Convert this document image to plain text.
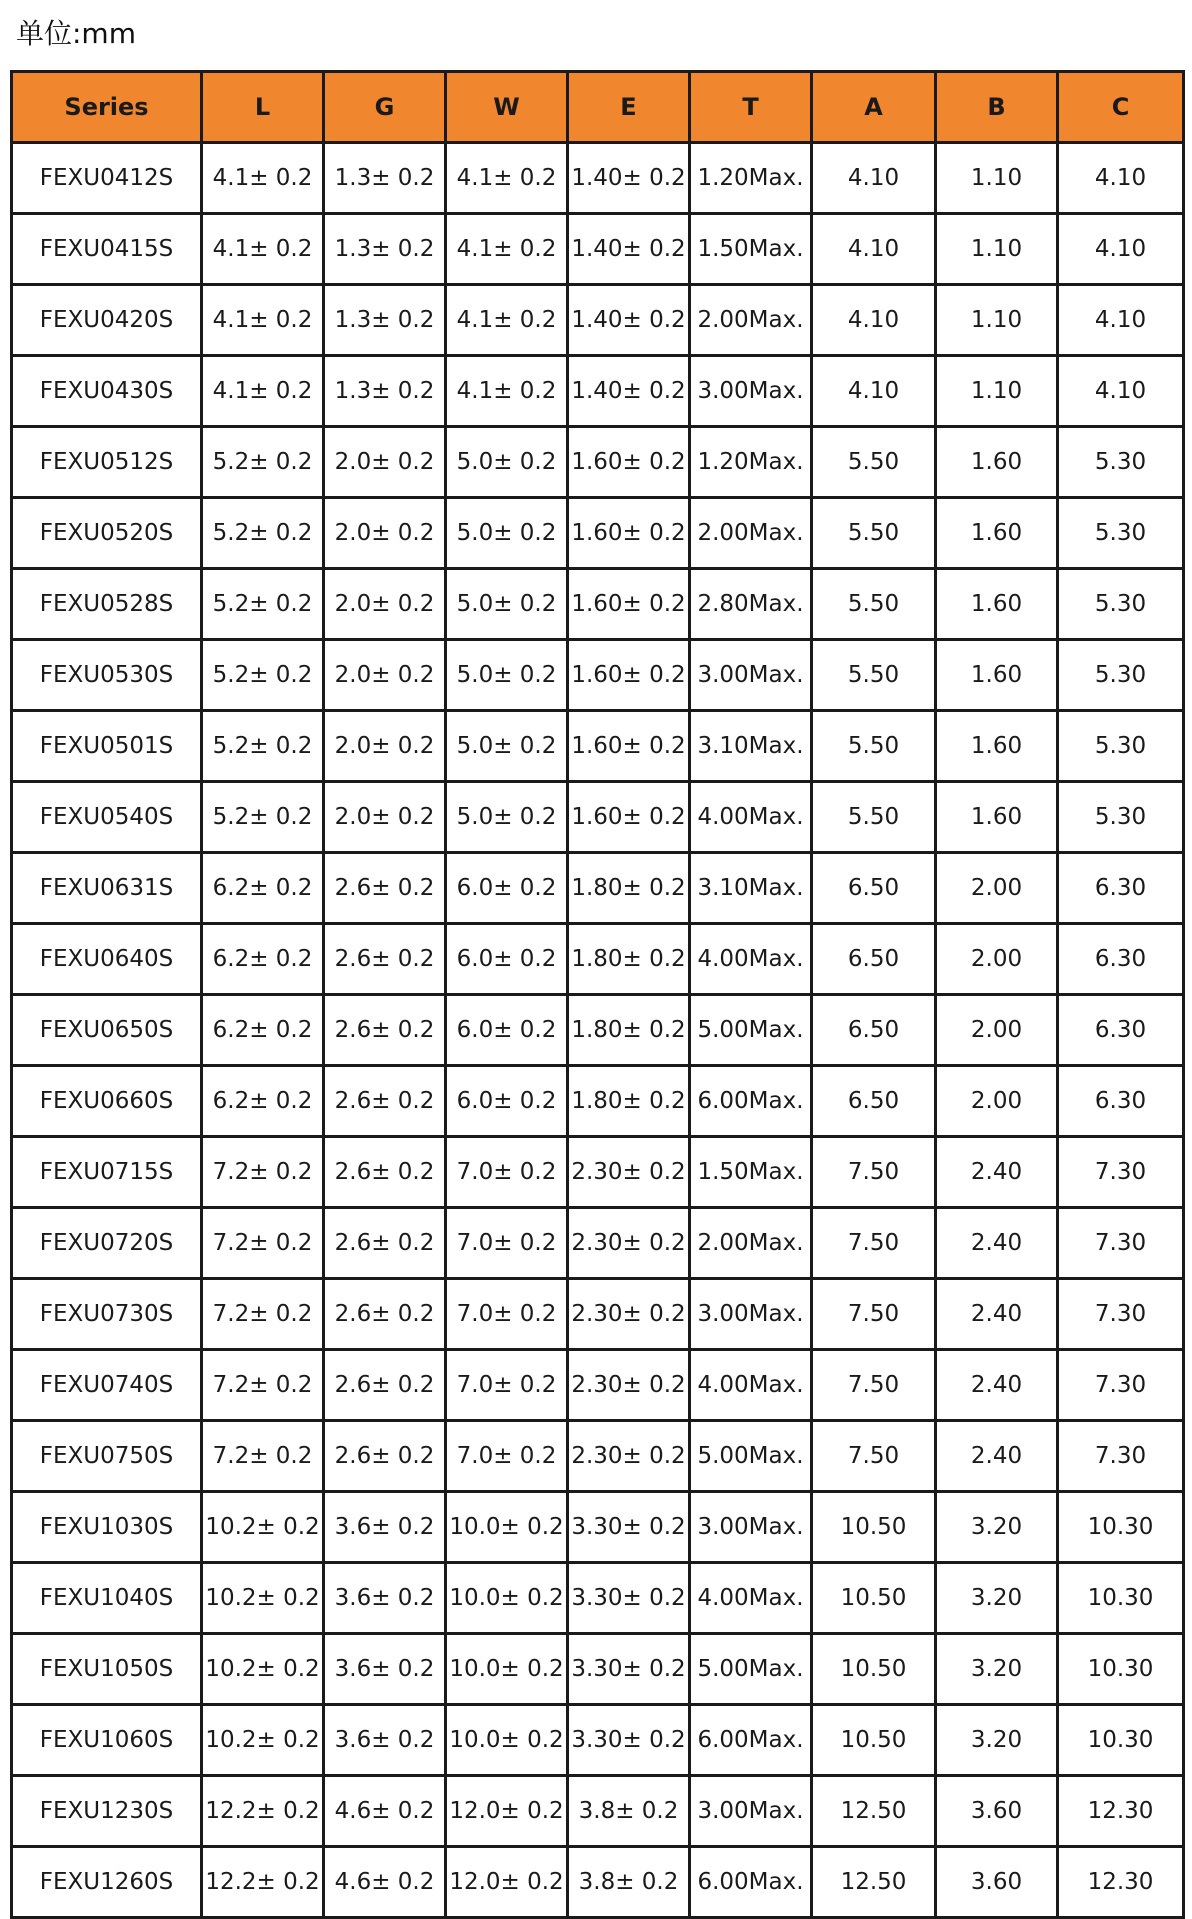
单位:mm
Series	L	G	W	E	T	A	B	C
FEXU0412S	4.1± 0.2	1.3± 0.2	4.1± 0.2	1.40± 0.2	1.20Max.	4.10	1.10	4.10
FEXU0415S	4.1± 0.2	1.3± 0.2	4.1± 0.2	1.40± 0.2	1.50Max.	4.10	1.10	4.10
FEXU0420S	4.1± 0.2	1.3± 0.2	4.1± 0.2	1.40± 0.2	2.00Max.	4.10	1.10	4.10
FEXU0430S	4.1± 0.2	1.3± 0.2	4.1± 0.2	1.40± 0.2	3.00Max.	4.10	1.10	4.10
FEXU0512S	5.2± 0.2	2.0± 0.2	5.0± 0.2	1.60± 0.2	1.20Max.	5.50	1.60	5.30
FEXU0520S	5.2± 0.2	2.0± 0.2	5.0± 0.2	1.60± 0.2	2.00Max.	5.50	1.60	5.30
FEXU0528S	5.2± 0.2	2.0± 0.2	5.0± 0.2	1.60± 0.2	2.80Max.	5.50	1.60	5.30
FEXU0530S	5.2± 0.2	2.0± 0.2	5.0± 0.2	1.60± 0.2	3.00Max.	5.50	1.60	5.30
FEXU0501S	5.2± 0.2	2.0± 0.2	5.0± 0.2	1.60± 0.2	3.10Max.	5.50	1.60	5.30
FEXU0540S	5.2± 0.2	2.0± 0.2	5.0± 0.2	1.60± 0.2	4.00Max.	5.50	1.60	5.30
FEXU0631S	6.2± 0.2	2.6± 0.2	6.0± 0.2	1.80± 0.2	3.10Max.	6.50	2.00	6.30
FEXU0640S	6.2± 0.2	2.6± 0.2	6.0± 0.2	1.80± 0.2	4.00Max.	6.50	2.00	6.30
FEXU0650S	6.2± 0.2	2.6± 0.2	6.0± 0.2	1.80± 0.2	5.00Max.	6.50	2.00	6.30
FEXU0660S	6.2± 0.2	2.6± 0.2	6.0± 0.2	1.80± 0.2	6.00Max.	6.50	2.00	6.30
FEXU0715S	7.2± 0.2	2.6± 0.2	7.0± 0.2	2.30± 0.2	1.50Max.	7.50	2.40	7.30
FEXU0720S	7.2± 0.2	2.6± 0.2	7.0± 0.2	2.30± 0.2	2.00Max.	7.50	2.40	7.30
FEXU0730S	7.2± 0.2	2.6± 0.2	7.0± 0.2	2.30± 0.2	3.00Max.	7.50	2.40	7.30
FEXU0740S	7.2± 0.2	2.6± 0.2	7.0± 0.2	2.30± 0.2	4.00Max.	7.50	2.40	7.30
FEXU0750S	7.2± 0.2	2.6± 0.2	7.0± 0.2	2.30± 0.2	5.00Max.	7.50	2.40	7.30
FEXU1030S	10.2± 0.2	3.6± 0.2	10.0± 0.2	3.30± 0.2	3.00Max.	10.50	3.20	10.30
FEXU1040S	10.2± 0.2	3.6± 0.2	10.0± 0.2	3.30± 0.2	4.00Max.	10.50	3.20	10.30
FEXU1050S	10.2± 0.2	3.6± 0.2	10.0± 0.2	3.30± 0.2	5.00Max.	10.50	3.20	10.30
FEXU1060S	10.2± 0.2	3.6± 0.2	10.0± 0.2	3.30± 0.2	6.00Max.	10.50	3.20	10.30
FEXU1230S	12.2± 0.2	4.6± 0.2	12.0± 0.2	3.8± 0.2	3.00Max.	12.50	3.60	12.30
FEXU1260S	12.2± 0.2	4.6± 0.2	12.0± 0.2	3.8± 0.2	6.00Max.	12.50	3.60	12.30
